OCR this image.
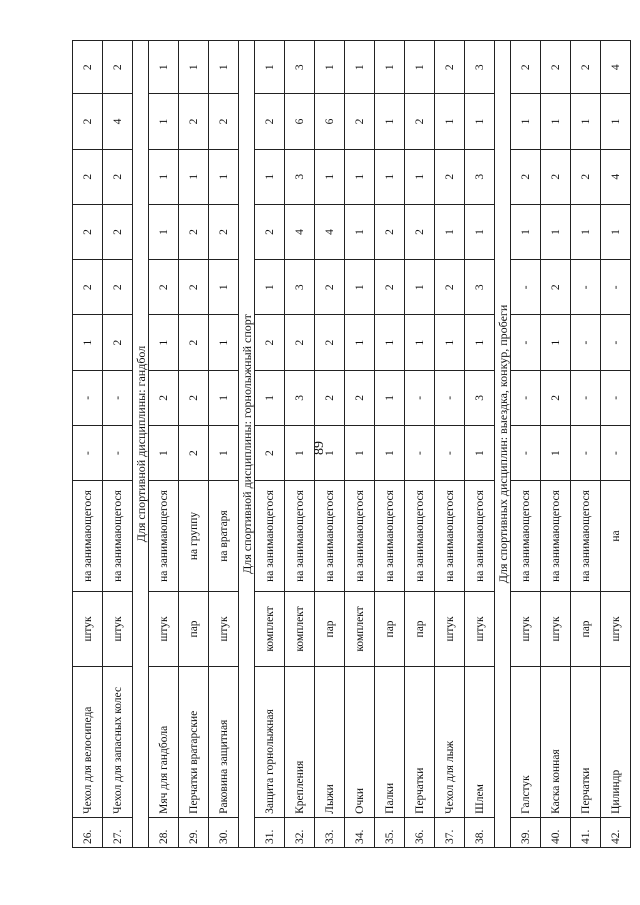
89
26.	Чехол для велосипеда	штук	на занимающегося	-	-	1	2	2	2	2	2
27.	Чехол для запасных колес	штук	на занимающегося	-	-	2	2	2	2	4	2
Для спортивной дисциплины: гандбол											
28.	Мяч для гандбола	штук	на занимающегося	1	2	1	2	1	1	1	1
29.	Перчатки вратарские	пар	на группу	2	2	2	2	2	1	2	1
30.	Раковина защитная	штук	на вратаря	1	1	1	1	2	1	2	1
Для спортивной дисциплины: горнолыжный спорт											
31.	Защита горнолыжная	комплект	на занимающегося	2	1	2	1	2	1	2	1
32.	Крепления	комплект	на занимающегося	1	3	2	3	4	3	6	3
33.	Лыжи	пар	на занимающегося	1	2	2	2	4	1	6	1
34.	Очки	комплект	на занимающегося	1	2	1	1	1	1	2	1
35.	Палки	пар	на занимающегося	1	1	1	2	2	1	1	1
36.	Перчатки	пар	на занимающегося	-	-	1	1	2	1	2	1
37.	Чехол для лыж	штук	на занимающегося	-	-	1	2	1	2	1	2
38.	Шлем	штук	на занимающегося	1	3	1	3	1	3	1	3
Для спортивных дисциплин: выездка, конкур, пробеги											
39.	Галстук	штук	на занимающегося	-	-	-	-	1	2	1	2
40.	Каска конная	штук	на занимающегося	1	2	1	2	1	2	1	2
41.	Перчатки	пар	на занимающегося	-	-	-	-	1	2	1	2
42.	Цилиндр	штук	на	-	-	-	-	1	4	1	4
